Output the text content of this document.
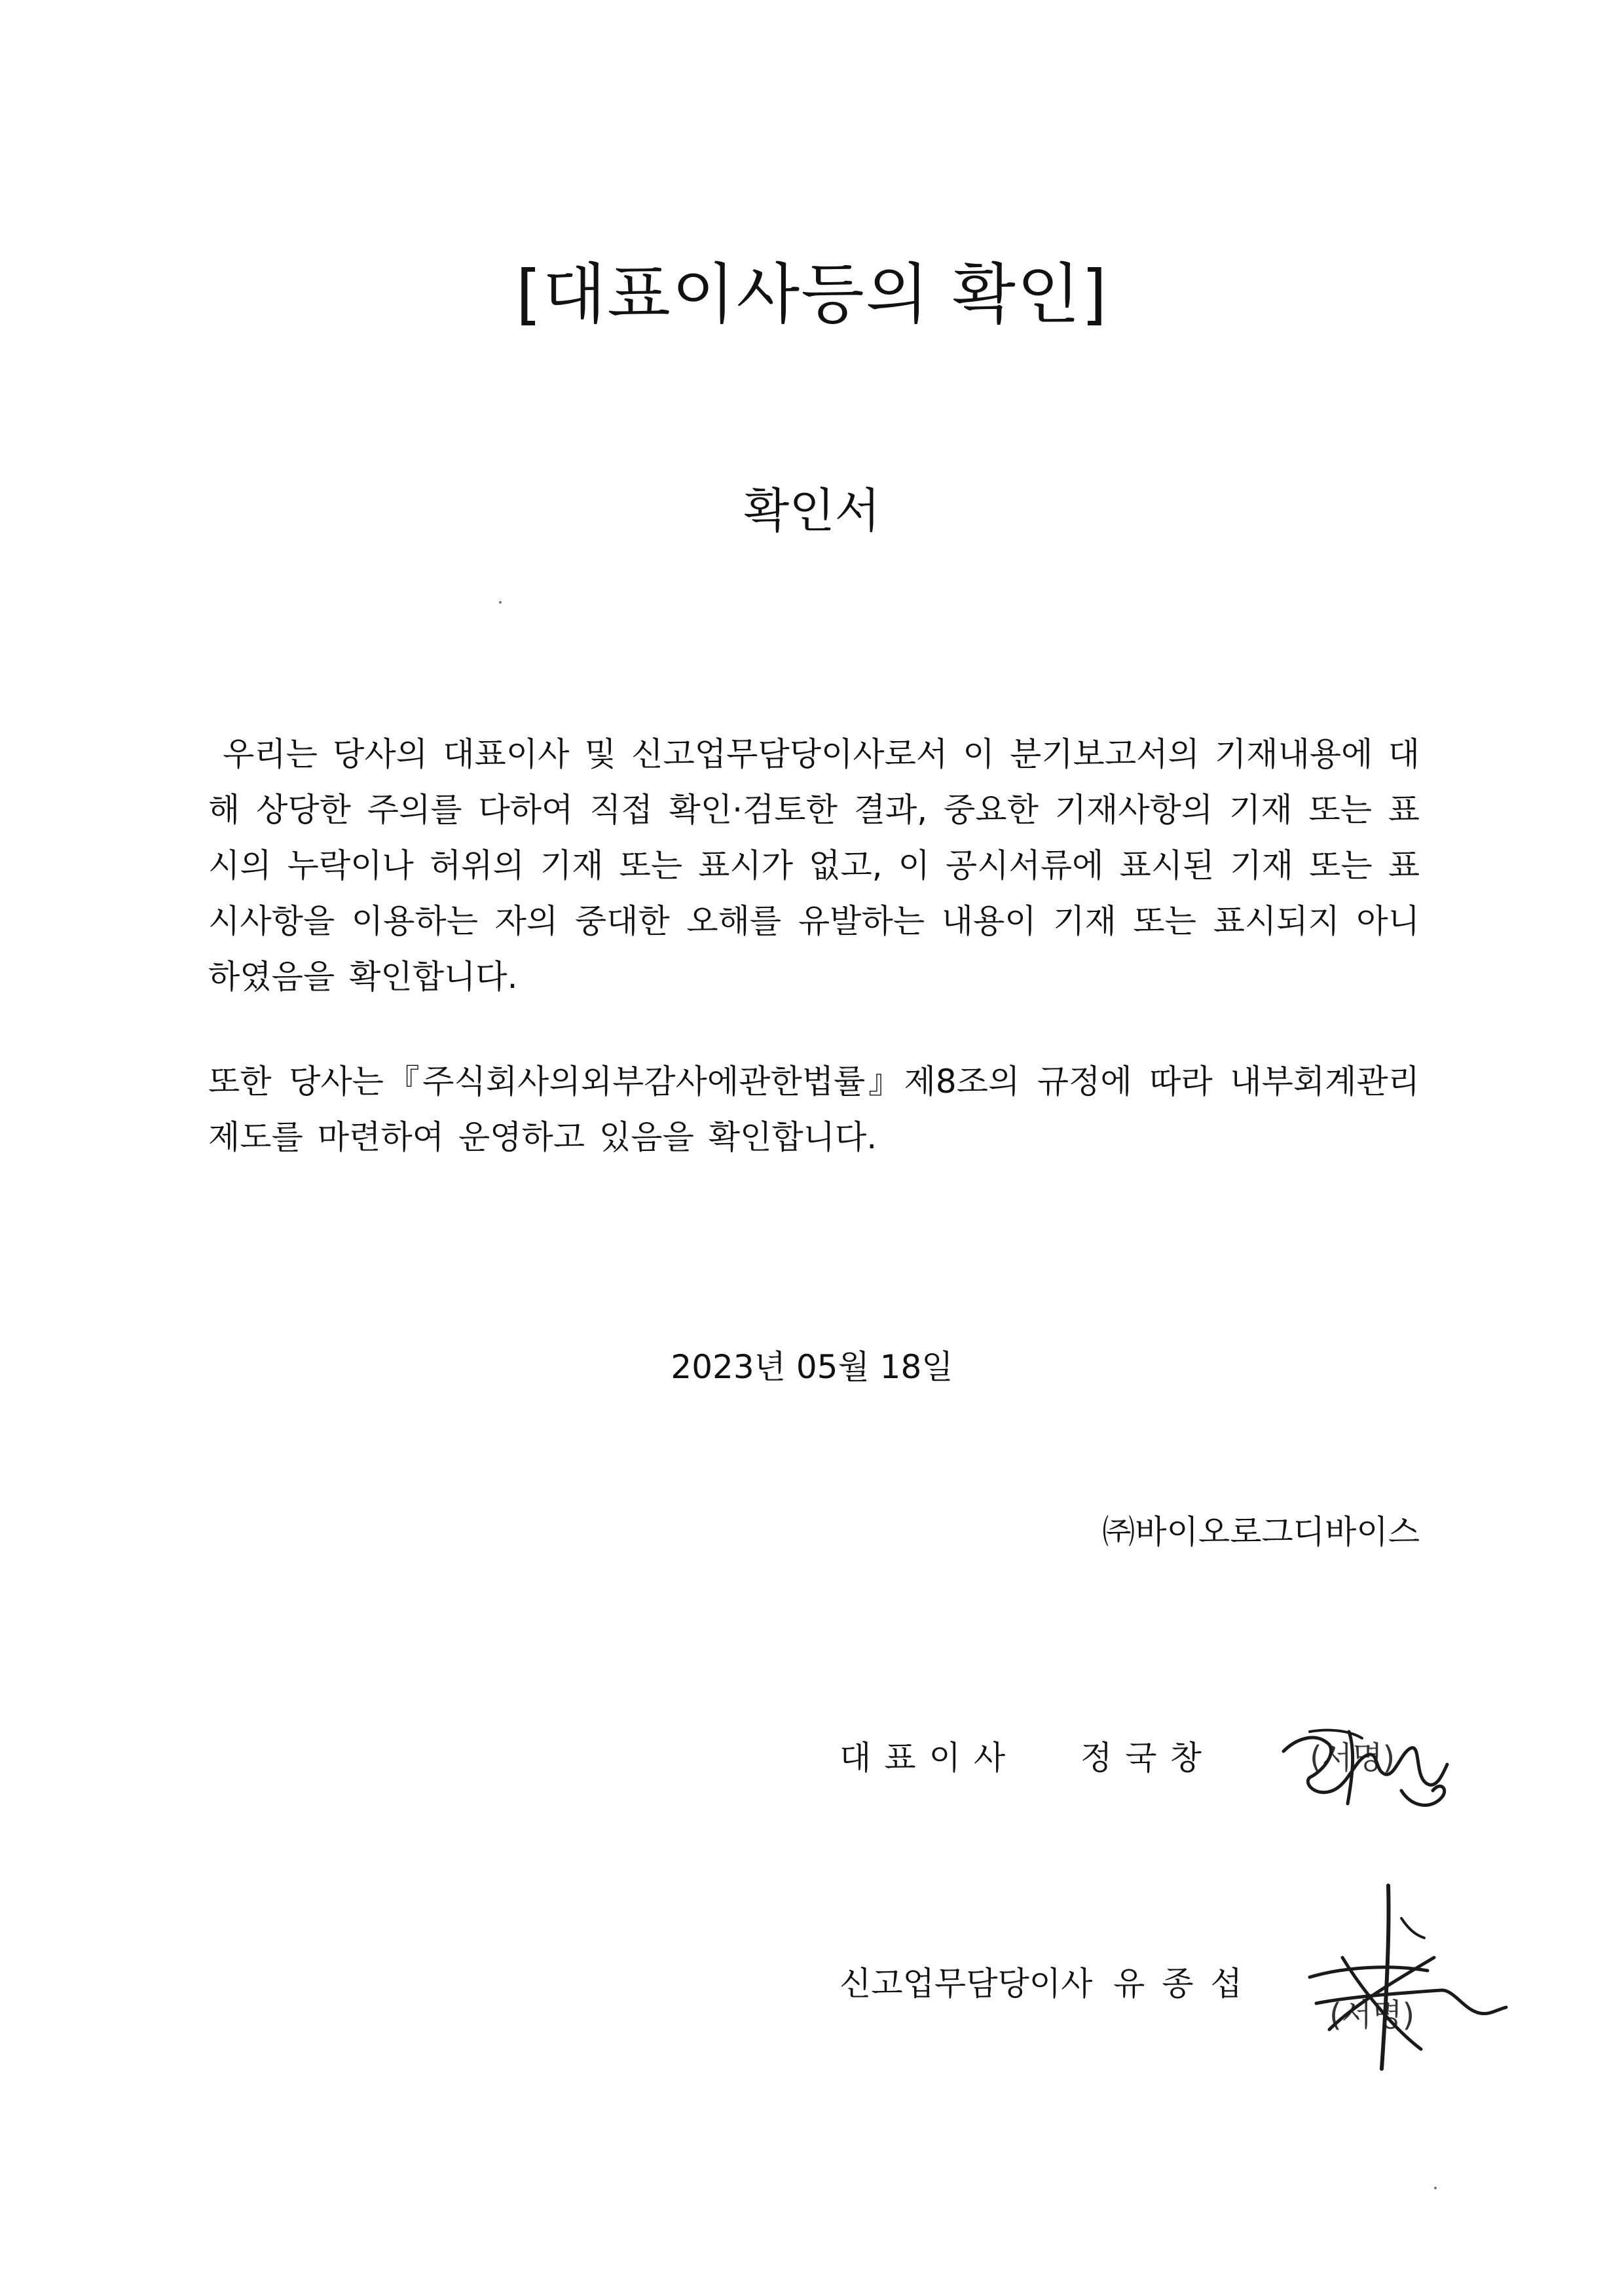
[대표이사등의 확인]
확인서

우리는 당사의 대표이사 및 신고업무담당이사로서 이 분기보고서의 기재내용에 대해 상당한 주의를 다하여 직접 확인·검토한 결과, 중요한 기재사항의 기재 또는 표시의 누락이나 허위의 기재 또는 표시가 없고, 이 공시서류에 표시된 기재 또는 표시사항을 이용하는 자의 중대한 오해를 유발하는 내용이 기재 또는 표시되지 아니하였음을 확인합니다.

또한 당사는『주식회사의외부감사에관한법률』제8조의 규정에 따라 내부회계관리제도를 마련하여 운영하고 있음을 확인합니다.

2023년 05월 18일

㈜바이오로그디바이스

대표이사 정국창	(서명)

신고업무담당이사 유종섭

(서명)
